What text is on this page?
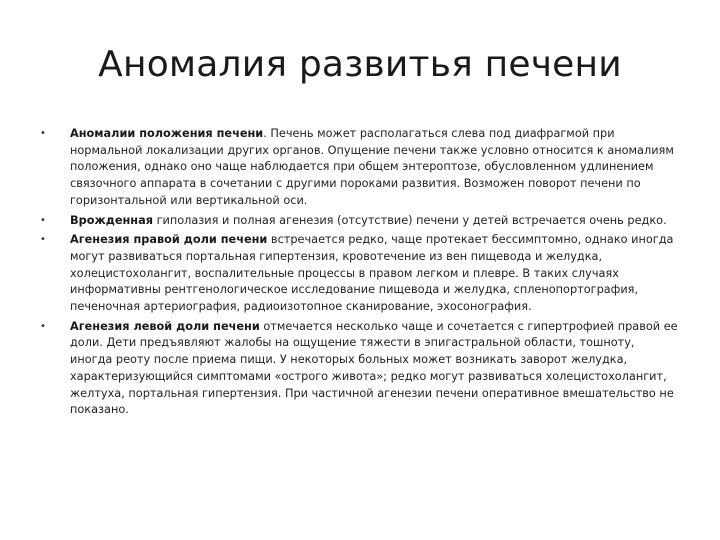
Аномалия развитья печени
•	Аномалии положения печени. Печень может располагаться слева под диафрагмой при нормальной локализации других органов. Опущение печени также условно относится к аномалиям положения, однако оно чаще наблюдается при общем энтероптозе, обусловленном удлинением связочного аппарата в сочетании с другими пороками развития. Возможен поворот печени по горизонтальной или вертикальной оси.
•	Врожденная гиполазия и полная агенезия (отсутствие) печени у детей встречается очень редко.
•	Агенезия правой доли печени встречается редко, чаще протекает бессимптомно, однако иногда могут развиваться портальная гипертензия, кровотечение из вен пищевода и желудка, холецистохолангит, воспалительные процессы в правом легком и плевре. В таких случаях информативны рентгенологическое исследование пищевода и желудка, спленопортография, печеночная артериография, радиоизотопное сканирование, эхосонография.
•	Агенезия левой доли печени отмечается несколько чаще и сочетается с гипертрофией правой ее доли. Дети предъявляют жалобы на ощущение тяжести в эпигастральной области, тошноту, иногда реоту после приема пищи. У некоторых больных может возникать заворот желудка, характеризующийся симптомами «острого живота»; редко могут развиваться холецистохолангит, желтуха, портальная гипертензия. При частичной агенезии печени оперативное вмешательство не показано.
